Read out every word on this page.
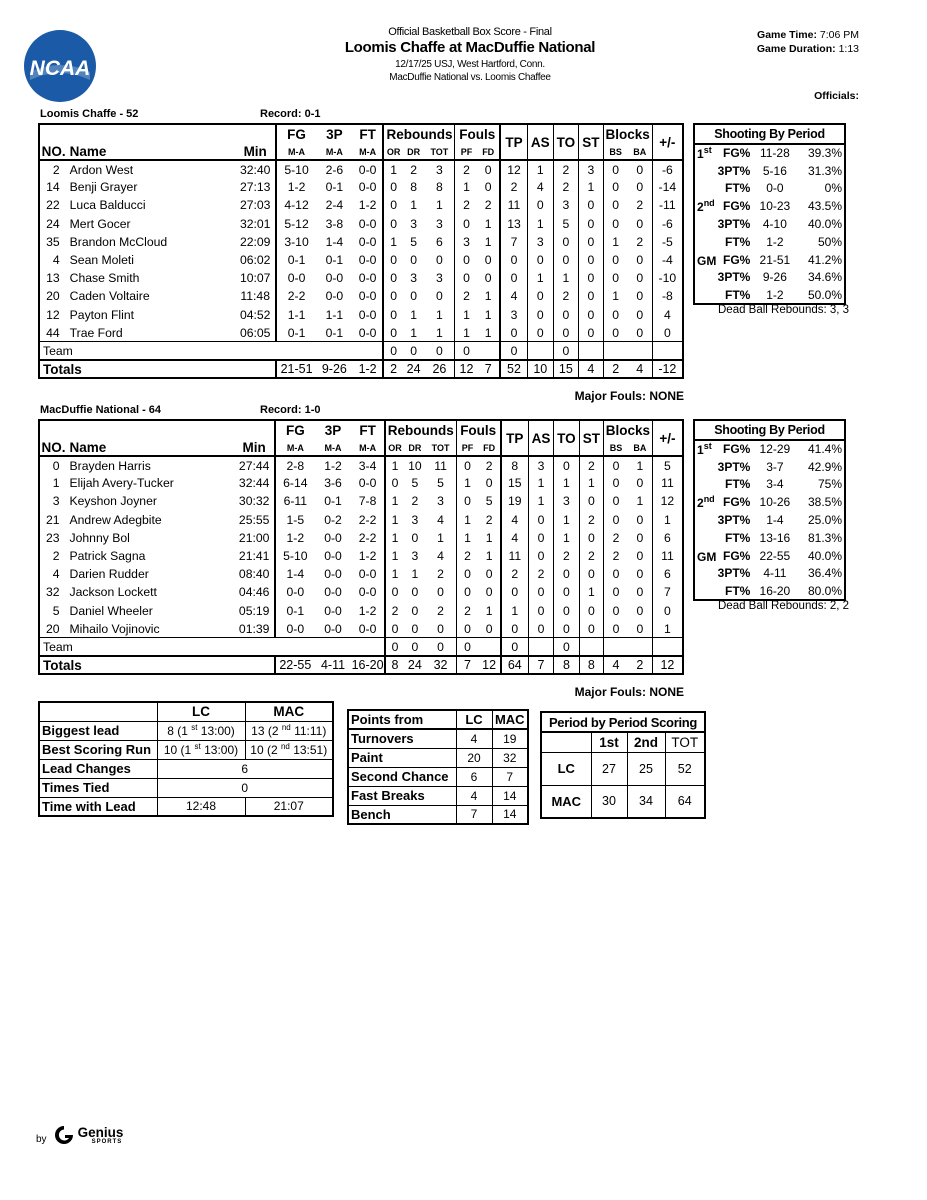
NCAA
Official Basketball Box Score - Final
Loomis Chaffe at MacDuffie National
12/17/25 USJ, West Hartford, Conn.
MacDuffie National vs. Loomis Chaffee
Game Time: 7:06 PM
Game Duration: 1:13
Officials:
Loomis Chaffe - 52	Record: 0-1
			FG	3P	FT	Rebounds			Fouls		TP	AS	TO	ST	Blocks		+/-
NO.	Name	Min	M-A	M-A	M-A	OR	DR	TOT	PF	FD					BS	BA	
2	Ardon West	32:40	5-10	2-6	0-0	1	2	3	2	0	12	1	2	3	0	0	-6
14	Benji Grayer	27:13	1-2	0-1	0-0	0	8	8	1	0	2	4	2	1	0	0	-14
22	Luca Balducci	27:03	4-12	2-4	1-2	0	1	1	2	2	11	0	3	0	0	2	-11
24	Mert Gocer	32:01	5-12	3-8	0-0	0	3	3	0	1	13	1	5	0	0	0	-6
35	Brandon McCloud	22:09	3-10	1-4	0-0	1	5	6	3	1	7	3	0	0	1	2	-5
4	Sean Moleti	06:02	0-1	0-1	0-0	0	0	0	0	0	0	0	0	0	0	0	-4
13	Chase Smith	10:07	0-0	0-0	0-0	0	3	3	0	0	0	1	1	0	0	0	-10
20	Caden Voltaire	11:48	2-2	0-0	0-0	0	0	0	2	1	4	0	2	0	1	0	-8
12	Payton Flint	04:52	1-1	1-1	0-0	0	1	1	1	1	3	0	0	0	0	0	4
44	Trae Ford	06:05	0-1	0-1	0-0	0	1	1	1	1	0	0	0	0	0	0	0
Team						0	0	0	0		0		0				
Totals			21-51	9-26	1-2	2	24	26	12	7	52	10	15	4	2	4	-12
Major Fouls: NONE
Shooting By Period			
1st	FG%	11-28	39.3%
	3PT%	5-16	31.3%
	FT%	0-0	0%
2nd	FG%	10-23	43.5%
	3PT%	4-10	40.0%
	FT%	1-2	50%
GM	FG%	21-51	41.2%
	3PT%	9-26	34.6%
	FT%	1-2	50.0%
Dead Ball Rebounds: 3, 3
MacDuffie National - 64	Record: 1-0
			FG	3P	FT	Rebounds			Fouls		TP	AS	TO	ST	Blocks		+/-
NO.	Name	Min	M-A	M-A	M-A	OR	DR	TOT	PF	FD					BS	BA	
0	Brayden Harris	27:44	2-8	1-2	3-4	1	10	11	0	2	8	3	0	2	0	1	5
1	Elijah Avery-Tucker	32:44	6-14	3-6	0-0	0	5	5	1	0	15	1	1	1	0	0	11
3	Keyshon Joyner	30:32	6-11	0-1	7-8	1	2	3	0	5	19	1	3	0	0	1	12
21	Andrew Adegbite	25:55	1-5	0-2	2-2	1	3	4	1	2	4	0	1	2	0	0	1
23	Johnny Bol	21:00	1-2	0-0	2-2	1	0	1	1	1	4	0	1	0	2	0	6
2	Patrick Sagna	21:41	5-10	0-0	1-2	1	3	4	2	1	11	0	2	2	2	0	11
4	Darien Rudder	08:40	1-4	0-0	0-0	1	1	2	0	0	2	2	0	0	0	0	6
32	Jackson Lockett	04:46	0-0	0-0	0-0	0	0	0	0	0	0	0	0	1	0	0	7
5	Daniel Wheeler	05:19	0-1	0-0	1-2	2	0	2	2	1	1	0	0	0	0	0	0
20	Mihailo Vojinovic	01:39	0-0	0-0	0-0	0	0	0	0	0	0	0	0	0	0	0	1
Team						0	0	0	0		0		0				
Totals			22-55	4-11	16-20	8	24	32	7	12	64	7	8	8	4	2	12
Major Fouls: NONE
Shooting By Period			
1st	FG%	12-29	41.4%
	3PT%	3-7	42.9%
	FT%	3-4	75%
2nd	FG%	10-26	38.5%
	3PT%	1-4	25.0%
	FT%	13-16	81.3%
GM	FG%	22-55	40.0%
	3PT%	4-11	36.4%
	FT%	16-20	80.0%
Dead Ball Rebounds: 2, 2
	LC	MAC
Biggest lead	8 (1 $^{st}$ 13:00)	13 (2 $^{nd}$ 11:11)
Best Scoring Run	10 (1 $^{st}$ 13:00)	10 (2 $^{nd}$ 13:51)
Lead Changes	6	
Times Tied	0	
Time with Lead	12:48	21:07
Points from	LC	MAC
Turnovers	4	19
Paint	20	32
Second Chance	6	7
Fast Breaks	4	14
Bench	7	14
Period by Period Scoring			
	1st	2nd	TOT
LC	27	25	52
MAC	30	34	64
by Genius
SPORTS
